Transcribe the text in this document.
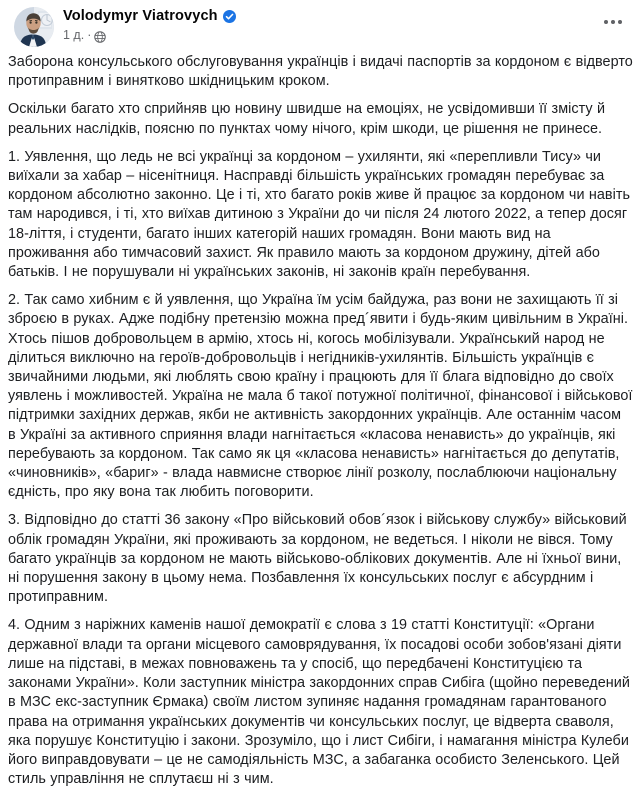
Volodymyr Viatrovych
1 д. ·

Заборона консульського обслуговування українців і видачі паспортів за кордоном є відверто протиправним і винятково шкідницьким кроком.

Оскільки багато хто сприйняв цю новину швидше на емоціях, не усвідомивши її змісту й реальних наслідків, поясню по пунктах чому нічого, крім шкоди, це рішення не принесе.

1. Уявлення, що ледь не всі українці за кордоном – ухилянти, які «перепливли Тису» чи виїхали за хабар – нісенітниця. Насправді більшість українських громадян перебуває за кордоном абсолютно законно. Це і ті, хто багато років живе й працює за кордоном чи навіть там народився, і ті, хто виїхав дитиною з України до чи після 24 лютого 2022, а тепер досяг 18-ліття, і студенти, багато інших категорій наших громадян. Вони мають вид на проживання або тимчасовий захист. Як правило мають за кордоном дружину, дітей або батьків. І не порушували ні українських законів, ні законів країн перебування.

2. Так само хибним є й уявлення, що Україна їм усім байдужа, раз вони не захищають її зі зброєю в руках. Адже подібну претензію можна пред´явити і будь-яким цивільним в Україні. Хтось пішов добровольцем в армію, хтось ні, когось мобілізували. Український народ не ділиться виключно на героїв-добровольців і негідників-ухилянтів. Більшість українців є звичайними людьми, які люблять свою країну і працюють для її блага відповідно до своїх уявлень і можливостей. Україна не мала б такої потужної політичної, фінансової і військової підтримки західних держав, якби не активність закордонних українців. Але останнім часом в Україні за активного сприяння влади нагнітається «класова ненависть» до українців, які перебувають за кордоном. Так само як ця «класова ненависть» нагнітається до депутатів, «чиновників», «бариг» - влада навмисне створює лінії розколу, послаблюючи національну єдність, про яку вона так любить поговорити.

3. Відповідно до статті 36 закону «Про військовий обов´язок і військову службу» військовий облік громадян України, які проживають за кордоном, не ведеться. І ніколи не вівся. Тому багато українців за кордоном не мають військово-облікових документів. Але ні їхньої вини, ні порушення закону в цьому нема. Позбавлення їх консульських послуг є абсурдним і протиправним.

4. Одним з наріжних каменів нашої демократії є слова з 19 статті Конституції: «Органи державної влади та органи місцевого самоврядування, їх посадові особи зобов'язані діяти лише на підставі, в межах повноважень та у спосіб, що передбачені Конституцією та законами України». Коли заступник міністра закордонних справ Сибіга (щойно переведений в МЗС екс-заступник Єрмака) своїм листом зупиняє надання громадянам гарантованого права на отримання українських документів чи консульських послуг, це відверта сваволя, яка порушує Конституцію і закони. Зрозуміло, що і лист Сибіги, і намагання міністра Кулеби його виправдовувати – це не самодіяльність МЗС, а забаганка особисто Зеленського. Цей стиль управління не сплутаєш ні з чим.
